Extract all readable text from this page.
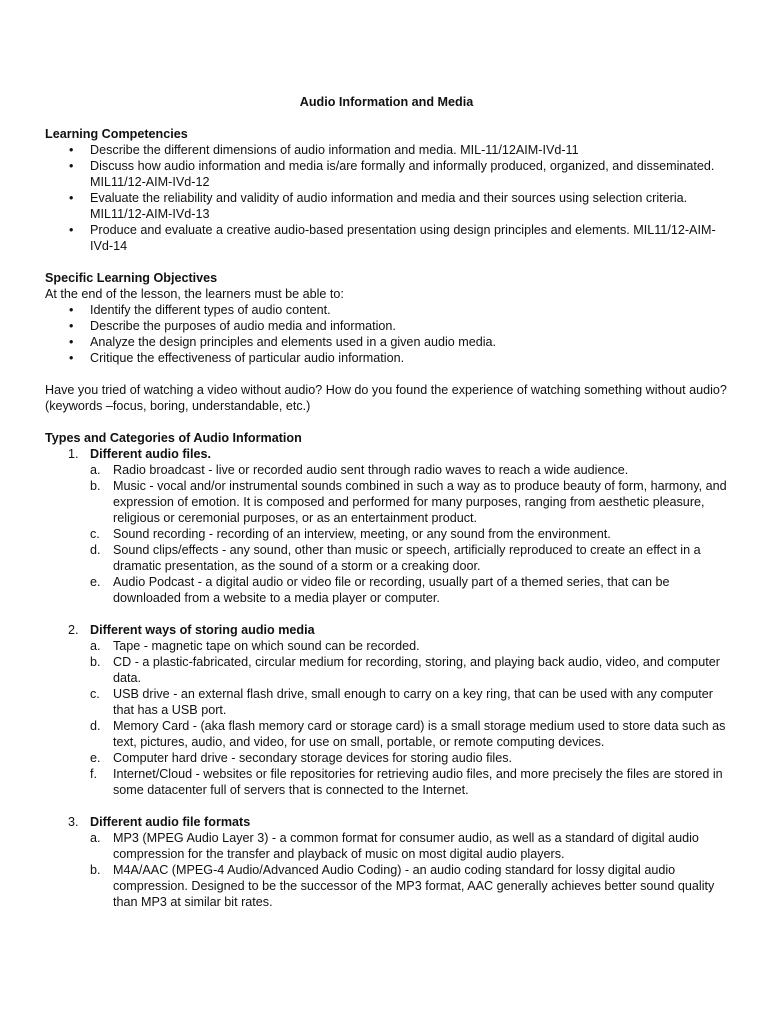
Audio Information and Media

Learning Competencies

• Describe the different dimensions of audio information and media. MIL-11/12AIM-IVd-11
• Discuss how audio information and media is/are formally and informally produced, organized, and disseminated. MIL11/12-AIM-IVd-12
• Evaluate the reliability and validity of audio information and media and their sources using selection criteria. MIL11/12-AIM-IVd-13
• Produce and evaluate a creative audio-based presentation using design principles and elements. MIL11/12-AIM-IVd-14

Specific Learning Objectives

At the end of the lesson, the learners must be able to:

• Identify the different types of audio content.
• Describe the purposes of audio media and information.
• Analyze the design principles and elements used in a given audio media.
• Critique the effectiveness of particular audio information.

Have you tried of watching a video without audio? How do you found the experience of watching something without audio? (keywords –focus, boring, understandable, etc.)

Types and Categories of Audio Information

1. Different audio files.

a. Radio broadcast - live or recorded audio sent through radio waves to reach a wide audience.
b. Music - vocal and/or instrumental sounds combined in such a way as to produce beauty of form, harmony, and expression of emotion. It is composed and performed for many purposes, ranging from aesthetic pleasure, religious or ceremonial purposes, or as an entertainment product.
c. Sound recording - recording of an interview, meeting, or any sound from the environment.
d. Sound clips/effects - any sound, other than music or speech, artificially reproduced to create an effect in a dramatic presentation, as the sound of a storm or a creaking door.
e. Audio Podcast - a digital audio or video file or recording, usually part of a themed series, that can be downloaded from a website to a media player or computer.
2. Different ways of storing audio media

a. Tape - magnetic tape on which sound can be recorded.
b. CD - a plastic-fabricated, circular medium for recording, storing, and playing back audio, video, and computer data.
c. USB drive - an external flash drive, small enough to carry on a key ring, that can be used with any computer that has a USB port.
d. Memory Card - (aka flash memory card or storage card) is a small storage medium used to store data such as text, pictures, audio, and video, for use on small, portable, or remote computing devices.
e. Computer hard drive - secondary storage devices for storing audio files.
f. Internet/Cloud - websites or file repositories for retrieving audio files, and more precisely the files are stored in some datacenter full of servers that is connected to the Internet.
3. Different audio file formats

a. MP3 (MPEG Audio Layer 3) - a common format for consumer audio, as well as a standard of digital audio compression for the transfer and playback of music on most digital audio players.
b. M4A/AAC (MPEG-4 Audio/Advanced Audio Coding) - an audio coding standard for lossy digital audio compression. Designed to be the successor of the MP3 format, AAC generally achieves better sound quality than MP3 at similar bit rates.
